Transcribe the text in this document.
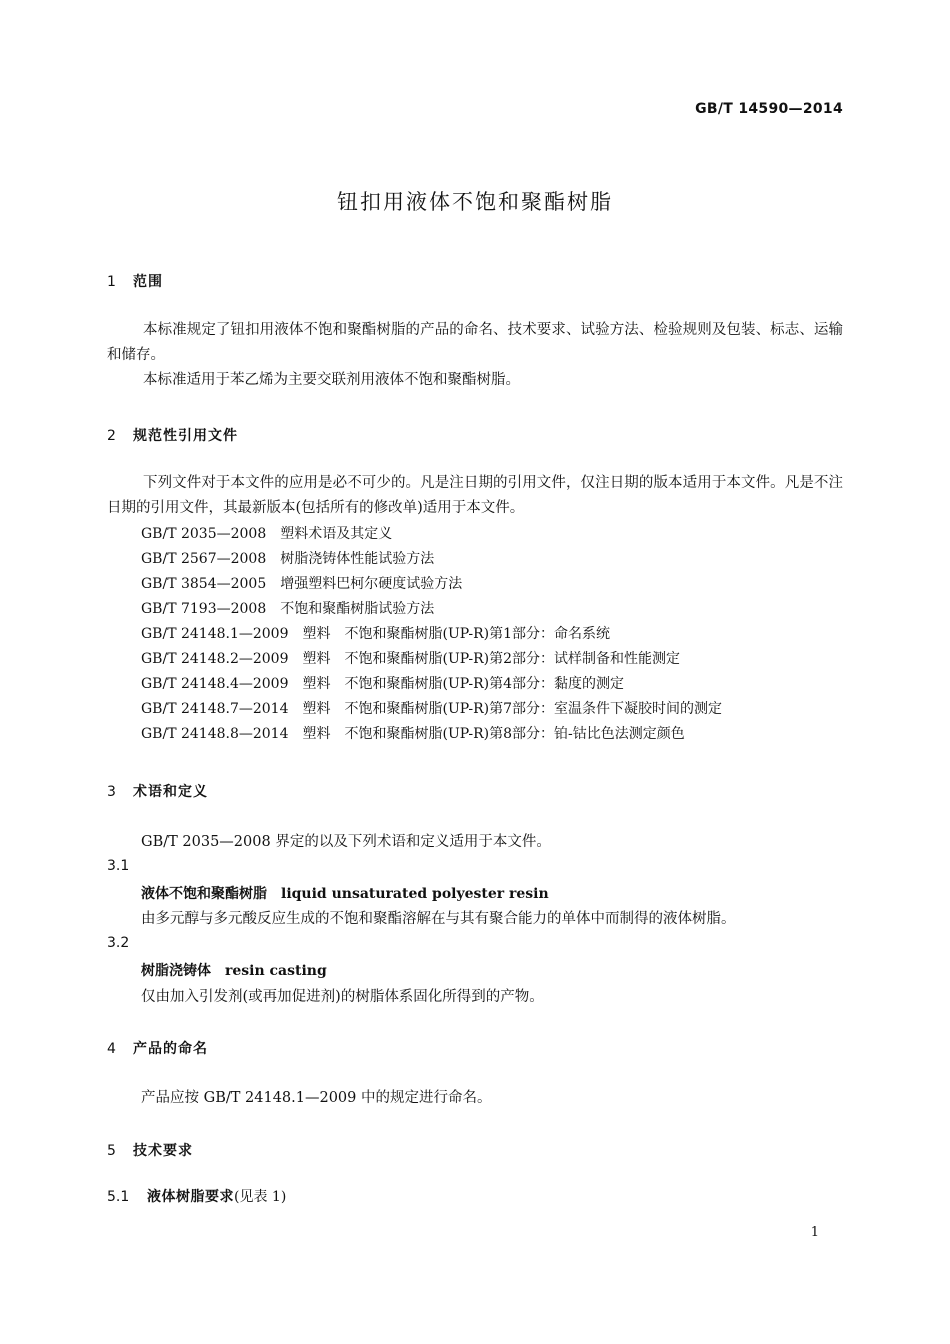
GB/T 14590—2014
钮扣用液体不饱和聚酯树脂
1 范围

本标准规定了钮扣用液体不饱和聚酯树脂的产品的命名、技术要求、试验方法、检验规则及包装、标志、运输和储存。

本标准适用于苯乙烯为主要交联剂用液体不饱和聚酯树脂。

2 规范性引用文件

下列文件对于本文件的应用是必不可少的。凡是注日期的引用文件，仅注日期的版本适用于本文件。凡是不注日期的引用文件，其最新版本(包括所有的修改单)适用于本文件。

GB/T 2035—2008　塑料术语及其定义
GB/T 2567—2008　树脂浇铸体性能试验方法
GB/T 3854—2005　增强塑料巴柯尔硬度试验方法
GB/T 7193—2008　不饱和聚酯树脂试验方法
GB/T 24148.1—2009　塑料　不饱和聚酯树脂(UP-R)第1部分：命名系统
GB/T 24148.2—2009　塑料　不饱和聚酯树脂(UP-R)第2部分：试样制备和性能测定
GB/T 24148.4—2009　塑料　不饱和聚酯树脂(UP-R)第4部分：黏度的测定
GB/T 24148.7—2014　塑料　不饱和聚酯树脂(UP-R)第7部分：室温条件下凝胶时间的测定
GB/T 24148.8—2014　塑料　不饱和聚酯树脂(UP-R)第8部分：铂-钴比色法测定颜色
3 术语和定义
GB/T 2035—2008 界定的以及下列术语和定义适用于本文件。
3.1
液体不饱和聚酯树脂　liquid unsaturated polyester resin
由多元醇与多元酸反应生成的不饱和聚酯溶解在与其有聚合能力的单体中而制得的液体树脂。
3.2
树脂浇铸体　resin casting
仅由加入引发剂(或再加促进剂)的树脂体系固化所得到的产物。
4 产品的命名
产品应按 GB/T 24148.1—2009 中的规定进行命名。
5 技术要求
5.1 液体树脂要求(见表 1)
1
